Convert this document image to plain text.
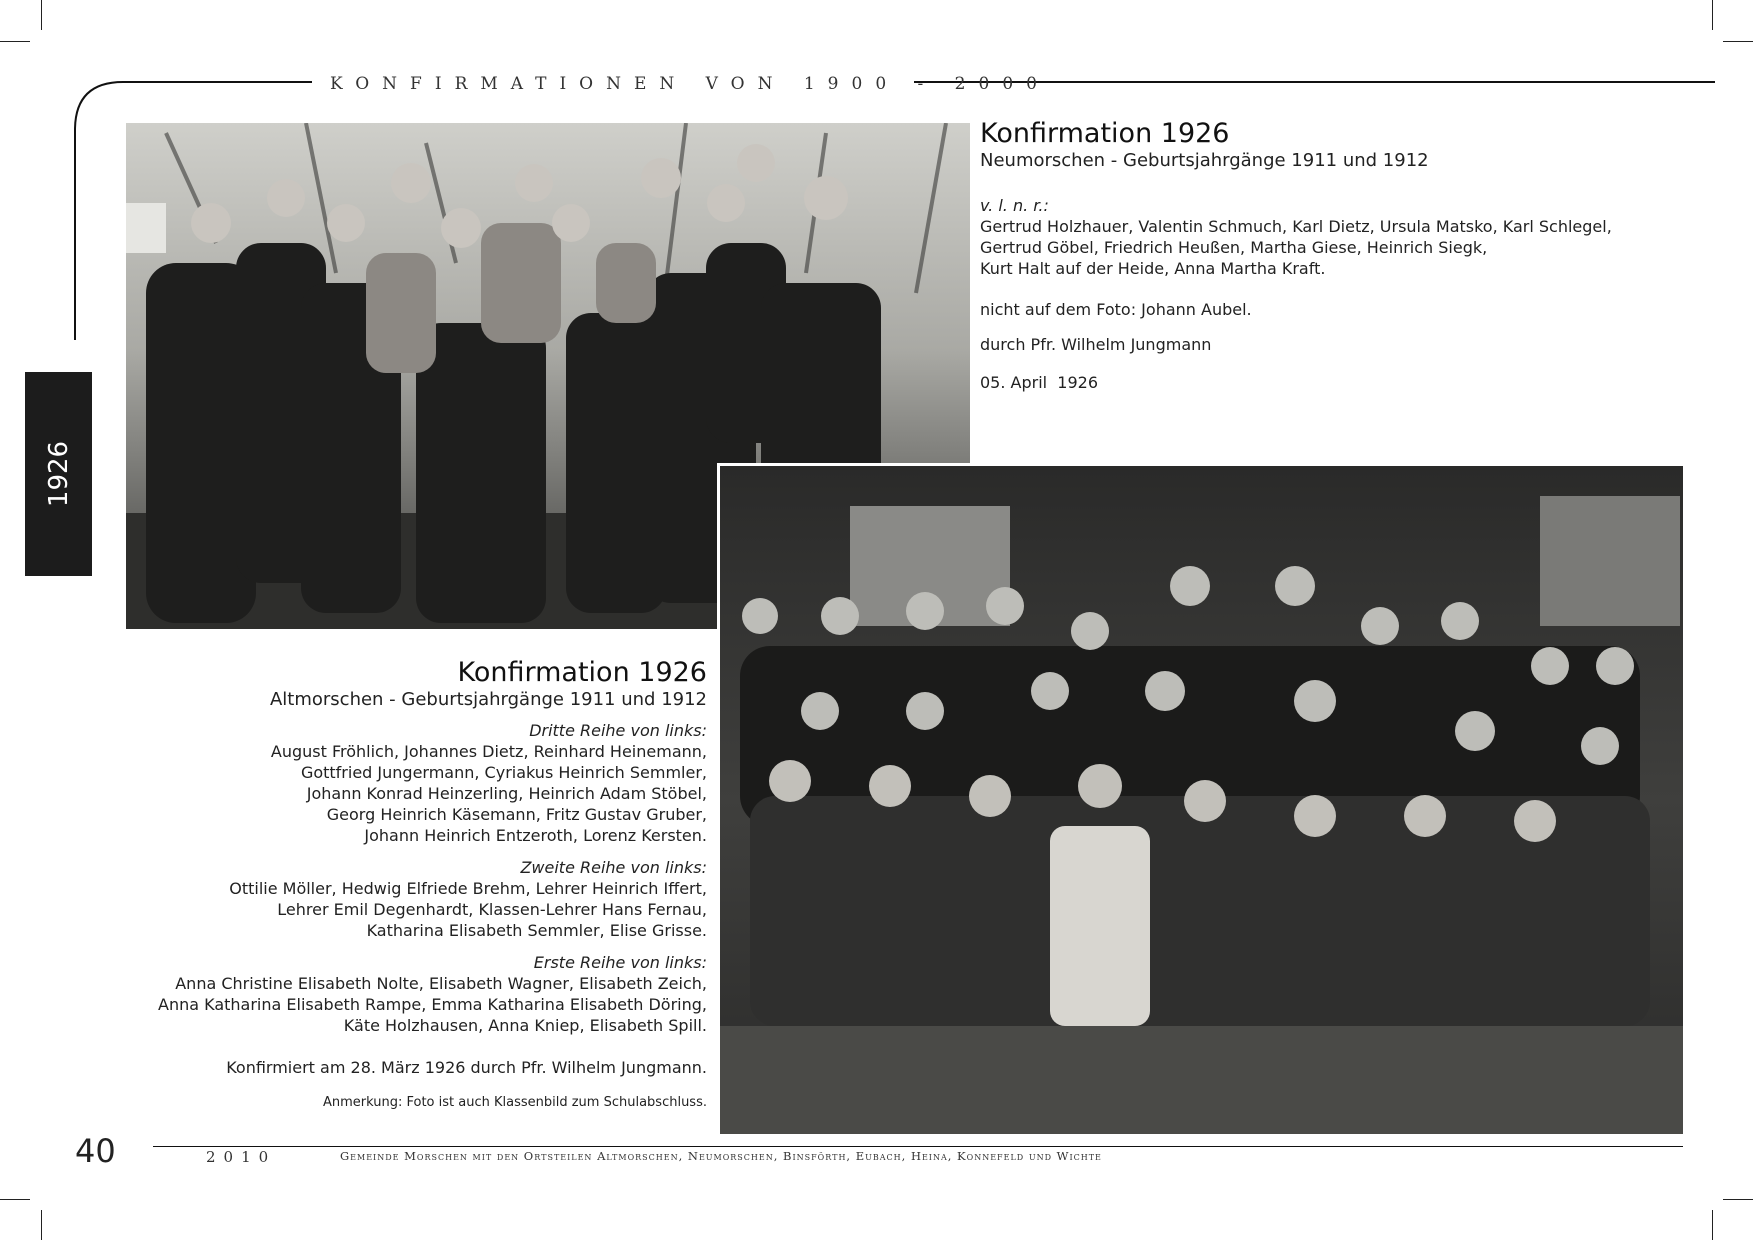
KONFIRMATIONEN VON 1900 - 2000
1926
Konfirmation 1926
Neumorschen - Geburtsjahrgänge 1911 und 1912
v. l. n. r.:
Gertrud Holzhauer, Valentin Schmuch, Karl Dietz, Ursula Matsko, Karl Schlegel,
Gertrud Göbel, Friedrich Heußen, Martha Giese, Heinrich Siegk,
Kurt Halt auf der Heide, Anna Martha Kraft.
nicht auf dem Foto: Johann Aubel.
durch Pfr. Wilhelm Jungmann
05. April  1926
Konfirmation 1926
Altmorschen - Geburtsjahrgänge 1911 und 1912
Dritte Reihe von links:
August Fröhlich, Johannes Dietz, Reinhard Heinemann,
Gottfried Jungermann, Cyriakus Heinrich Semmler,
Johann Konrad Heinzerling, Heinrich Adam Stöbel,
Georg Heinrich Käsemann, Fritz Gustav Gruber,
Johann Heinrich Entzeroth, Lorenz Kersten.
Zweite Reihe von links:
Ottilie Möller, Hedwig Elfriede Brehm, Lehrer Heinrich Iffert,
Lehrer Emil Degenhardt, Klassen-Lehrer Hans Fernau,
Katharina Elisabeth Semmler, Elise Grisse.
Erste Reihe von links:
Anna Christine Elisabeth Nolte, Elisabeth Wagner, Elisabeth Zeich,
Anna Katharina Elisabeth Rampe, Emma Katharina Elisabeth Döring,
Käte Holzhausen, Anna Kniep, Elisabeth Spill.
Konfirmiert am 28. März 1926 durch Pfr. Wilhelm Jungmann.
Anmerkung: Foto ist auch Klassenbild zum Schulabschluss.
40	2010	Gemeinde Morschen mit den Ortsteilen Altmorschen, Neumorschen, Binsförth, Eubach, Heina, Konnefeld und Wichte
